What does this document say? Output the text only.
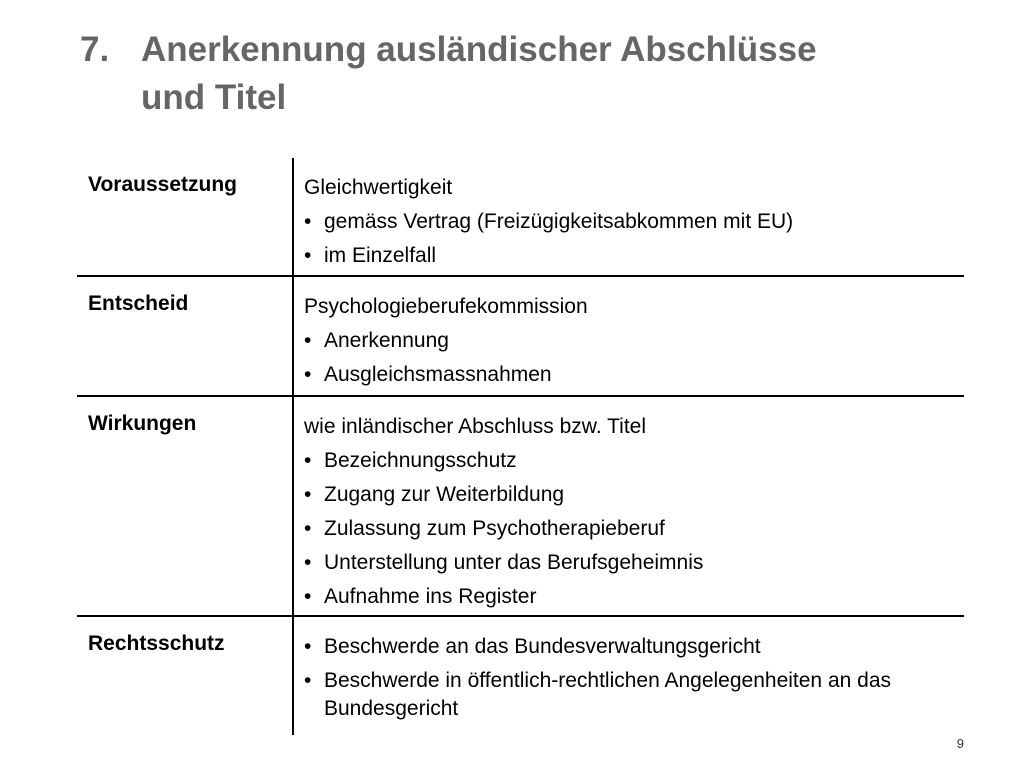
7. Anerkennung ausländischer Abschlüsse
und Titel
Voraussetzung	Gleichwertigkeit
• gemäss Vertrag (Freizügigkeitsabkommen mit EU)
• im Einzelfall
Entscheid	Psychologieberufekommission
• Anerkennung
• Ausgleichsmassnahmen
Wirkungen	wie inländischer Abschluss bzw. Titel
• Bezeichnungsschutz
• Zugang zur Weiterbildung
• Zulassung zum Psychotherapieberuf
• Unterstellung unter das Berufsgeheimnis
• Aufnahme ins Register
Rechtsschutz	• Beschwerde an das Bundesverwaltungsgericht
• Beschwerde in öffentlich-rechtlichen Angelegenheiten an das Bundesgericht
9
